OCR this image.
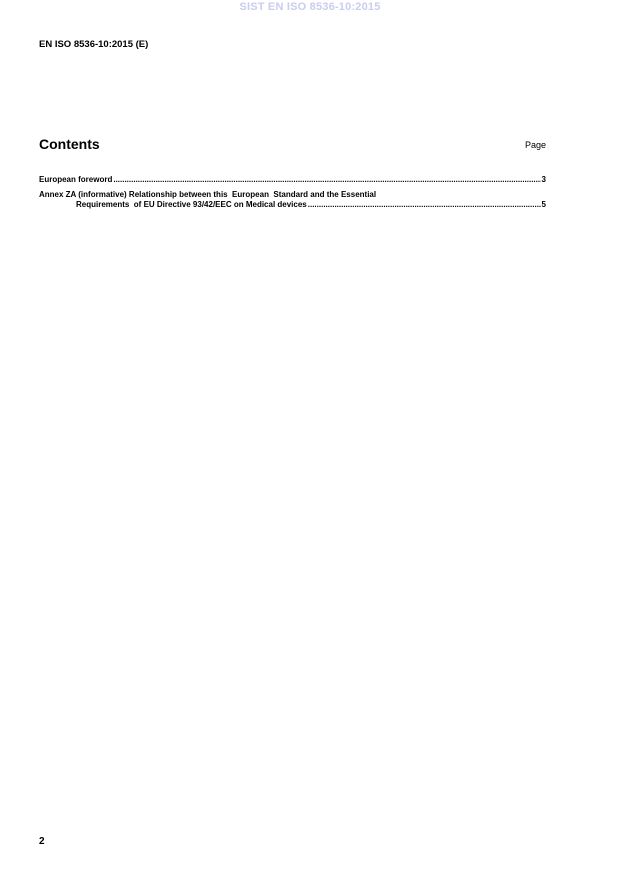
SIST EN ISO 8536-10:2015
EN ISO 8536-10:2015 (E)
Contents	Page
European foreword .....	3
Annex ZA (informative) Relationship between this  European  Standard and the Essential
Requirements  of EU Directive 93/42/EEC on Medical devices .....	5
2
